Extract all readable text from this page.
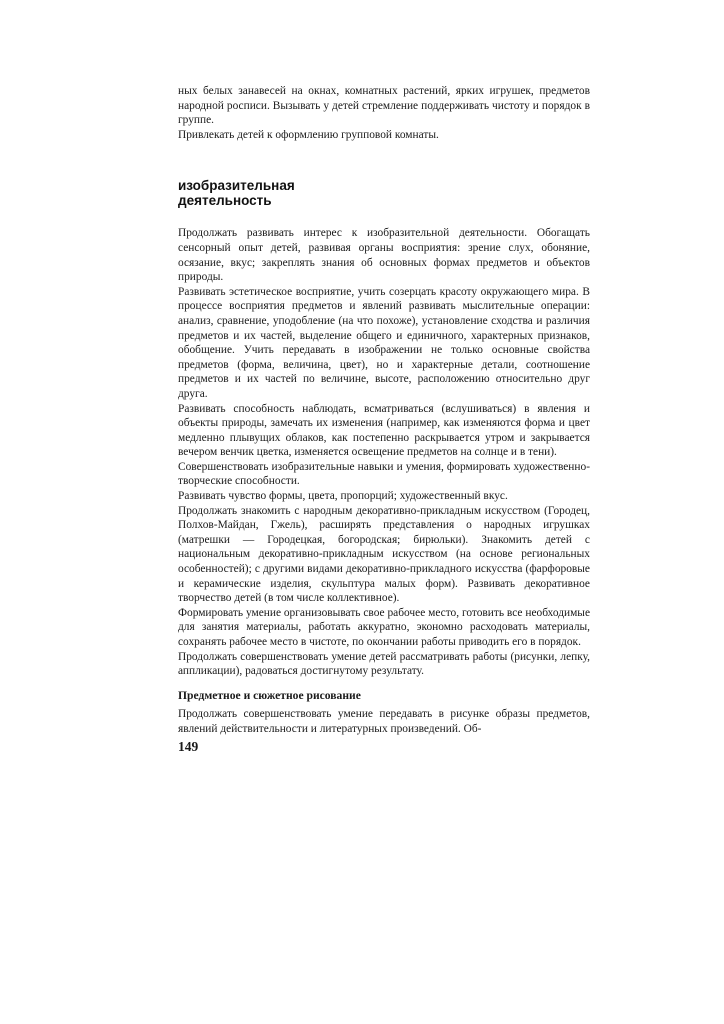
ных белых занавесей на окнах, комнатных растений, ярких игрушек, предметов народной росписи. Вызывать у детей стремление поддерживать чистоту и порядок в группе.

Привлекать детей к оформлению групповой комнаты.

изобразительная
деятельность

Продолжать развивать интерес к изобразительной деятельности. Обогащать сенсорный опыт детей, развивая органы восприятия: зрение слух, обоняние, осязание, вкус; закреплять знания об основных формах предметов и объектов природы.

Развивать эстетическое восприятие, учить созерцать красоту окружающего мира. В процессе восприятия предметов и явлений развивать мыслительные операции: анализ, сравнение, уподобление (на что похоже), установление сходства и различия предметов и их частей, выделение общего и единичного, характерных признаков, обобщение. Учить передавать в изображении не только основные свойства предметов (форма, величина, цвет), но и характерные детали, соотношение предметов и их частей по величине, высоте, расположению относительно друг друга.

Развивать способность наблюдать, всматриваться (вслушиваться) в явления и объекты природы, замечать их изменения (например, как изменяются форма и цвет медленно плывущих облаков, как постепенно раскрывается утром и закрывается вечером венчик цветка, изменяется освещение предметов на солнце и в тени).

Совершенствовать изобразительные навыки и умения, формировать художественно-творческие способности.

Развивать чувство формы, цвета, пропорций; художественный вкус.

Продолжать знакомить с народным декоративно-прикладным искусством (Городец, Полхов-Майдан, Гжель), расширять представления о народных игрушках (матрешки — Городецкая, богородская; бирюльки). Знакомить детей с национальным декоративно-прикладным искусством (на основе региональных особенностей); с другими видами декоративно-прикладного искусства (фарфоровые и керамические изделия, скульптура малых форм). Развивать декоративное творчество детей (в том числе коллективное).

Формировать умение организовывать свое рабочее место, готовить все необходимые для занятия материалы, работать аккуратно, экономно расходовать материалы, сохранять рабочее место в чистоте, по окончании работы приводить его в порядок.

Продолжать совершенствовать умение детей рассматривать работы (рисунки, лепку, аппликации), радоваться достигнутому результату.

Предметное и сюжетное рисование

Продолжать совершенствовать умение передавать в рисунке образы предметов, явлений действительности и литературных произведений. Об-

149
